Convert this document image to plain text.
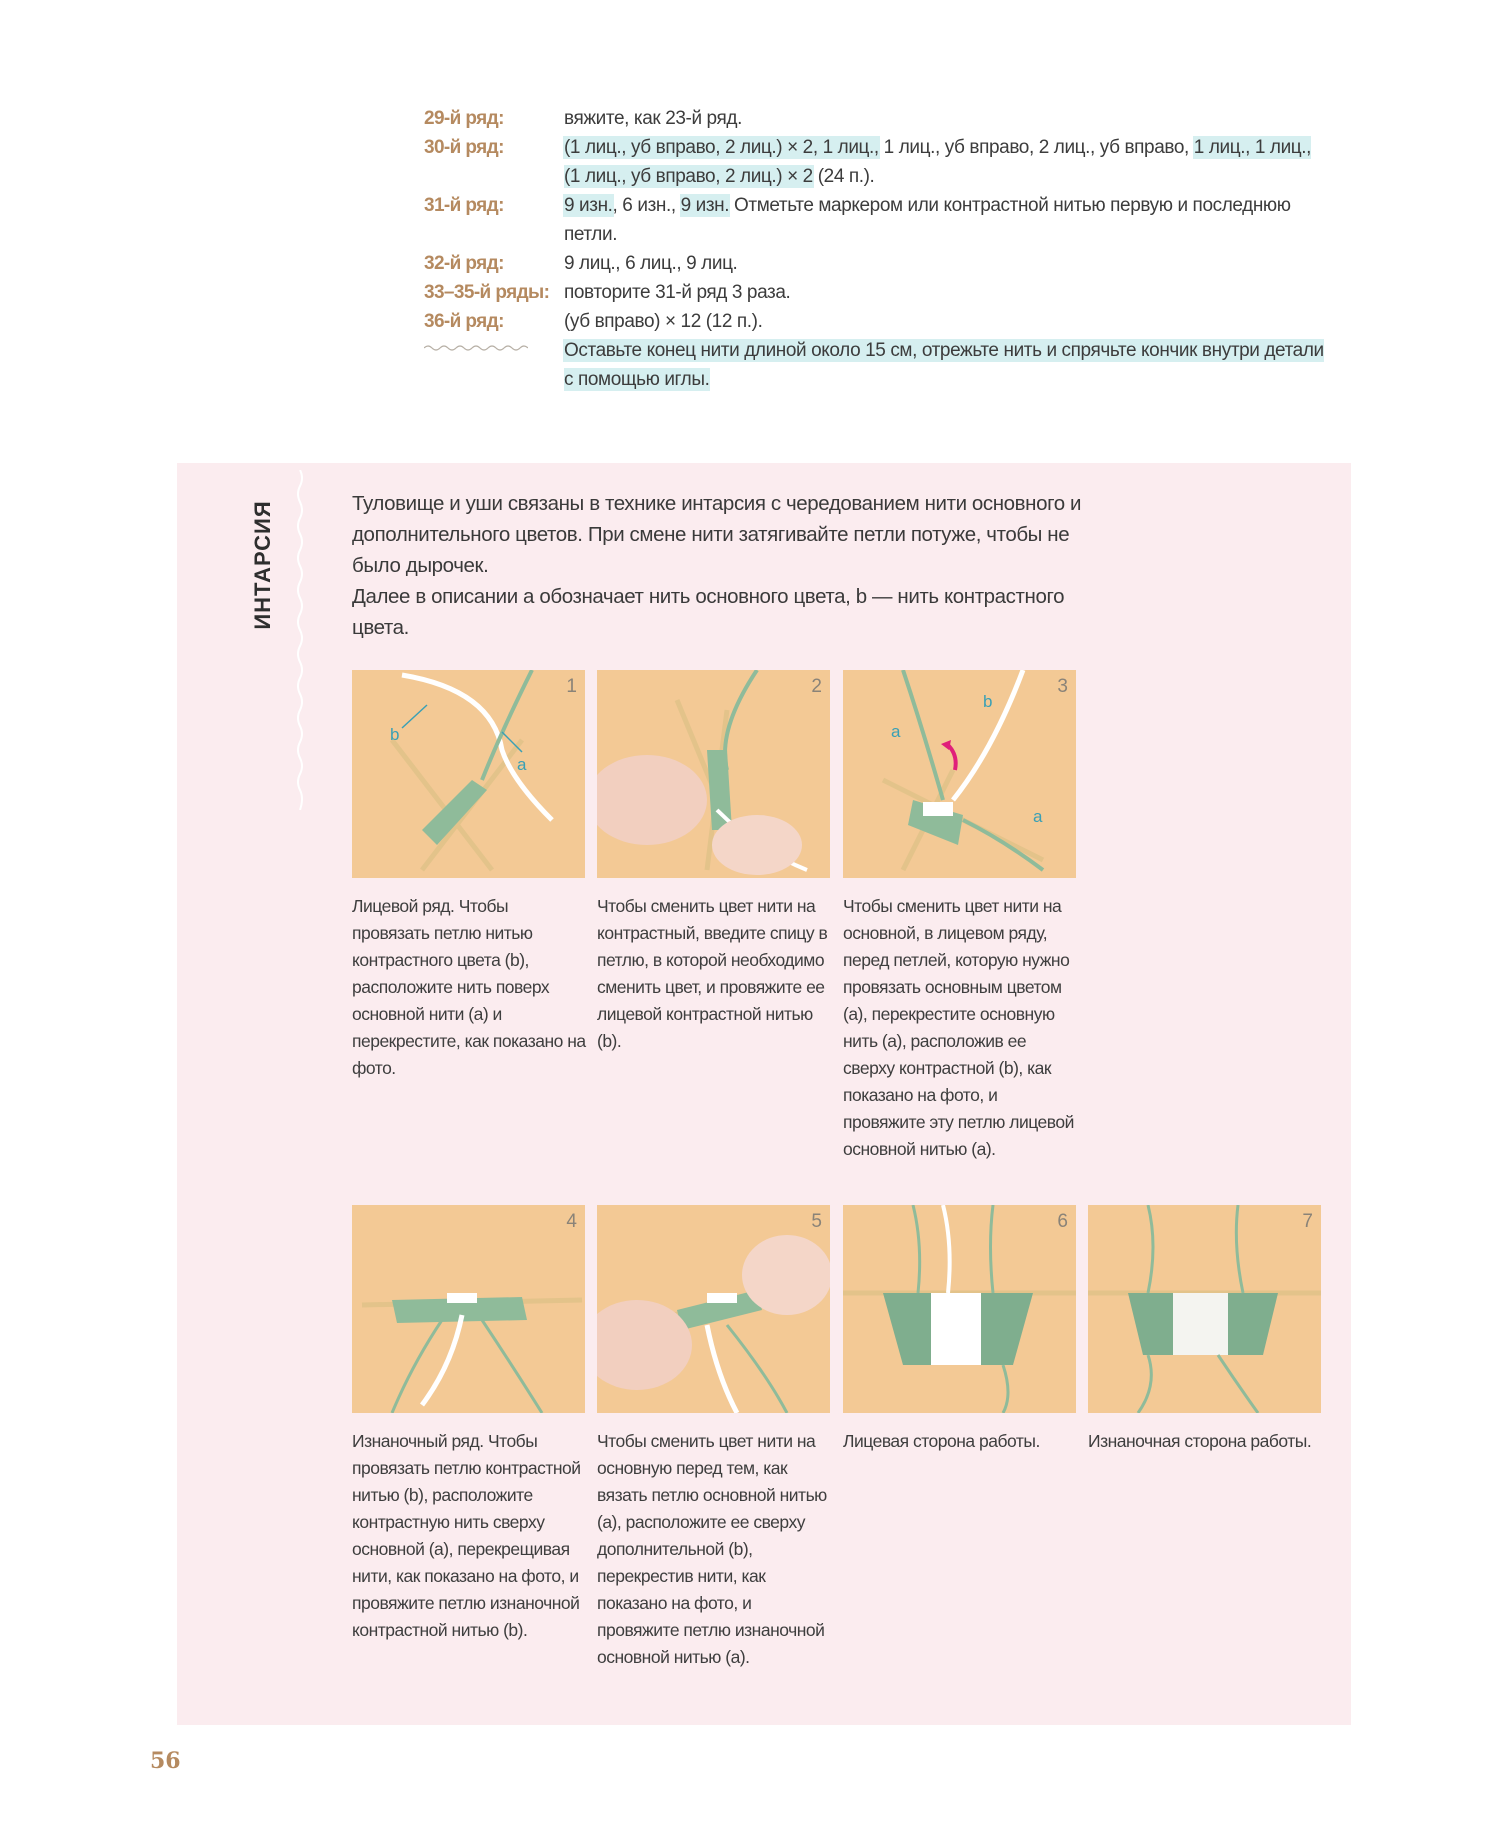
29-й ряд:	вяжите, как 23-й ряд.
30-й ряд:	(1 лиц., уб вправо, 2 лиц.) × 2, 1 лиц., 1 лиц., уб вправо, 2 лиц., уб вправо, 1 лиц., 1 лиц., (1 лиц., уб вправо, 2 лиц.) × 2 (24 п.).
31-й ряд:	9 изн., 6 изн., 9 изн. Отметьте маркером или контрастной нитью первую и последнюю петли.
32-й ряд:	9 лиц., 6 лиц., 9 лиц.
33–35-й ряды: повторите 31-й ряд 3 раза.
36-й ряд:	(уб вправо) × 12 (12 п.).
Оставьте конец нити длиной около 15 см, отрежьте нить и спрячьте кончик внутри детали с помощью иглы.
ИНТАРСИЯ	Туловище и уши связаны в технике интарсия с чередованием нити основного и дополнительного цветов. При смене нити затягивайте петли потуже, чтобы не было дырочек.

Далее в описании а обозначает нить основного цвета, b — нить контрастного цвета.

b
a
1
Лицевой ряд. Чтобы провязать петлю нитью контрастного цвета (b), расположите нить поверх основной нити (a) и перекрестите, как показано на фото.
2
Чтобы сменить цвет нити на контрастный, введите спицу в петлю, в которой необходимо сменить цвет, и провяжите ее лицевой контрастной нитью (b).
a
b
a
3
Чтобы сменить цвет нити на основной, в лицевом ряду, перед петлей, которую нужно провязать основным цветом (a), перекрестите основную нить (a), расположив ее сверху контрастной (b), как показано на фото, и провяжите эту петлю лицевой основной нитью (a).
4
Изнаночный ряд. Чтобы провязать петлю контрастной нитью (b), расположите контрастную нить сверху основной (a), перекрещивая нити, как показано на фото, и провяжите петлю изнаночной контрастной нитью (b).
5
Чтобы сменить цвет нити на основную перед тем, как вязать петлю основной нитью (a), расположите ее сверху дополнительной (b), перекрестив нити, как показано на фото, и провяжите петлю изнаночной основной нитью (a).
6
Лицевая сторона работы.
7
Изнаночная сторона работы.
56
